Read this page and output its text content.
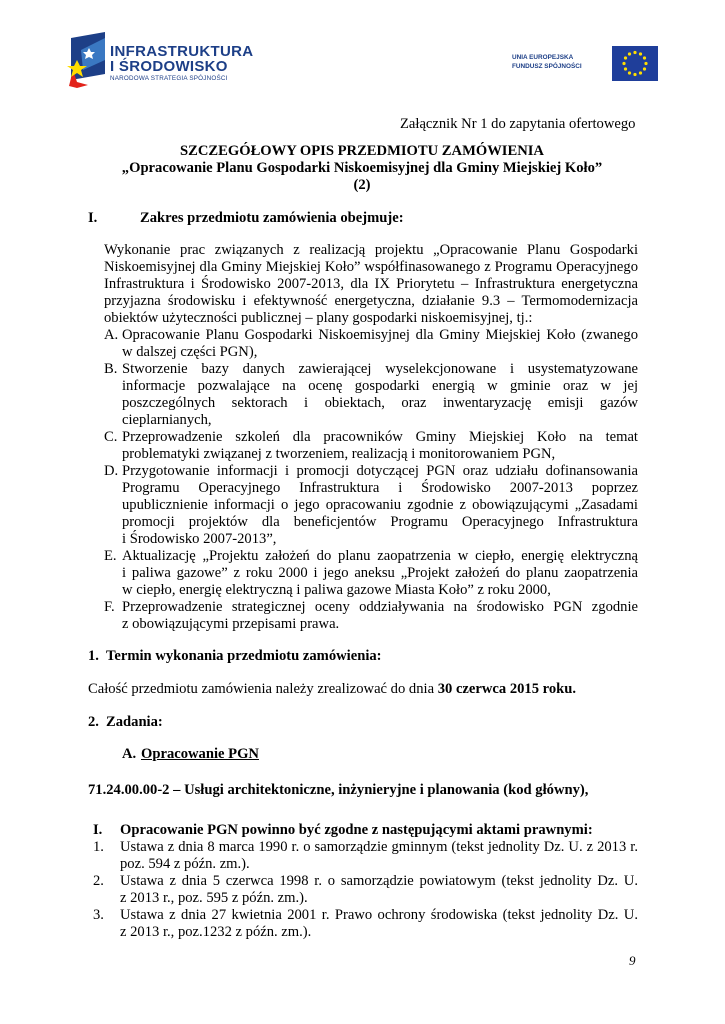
INFRASTRUKTURA
I ŚRODOWISKO
NARODOWA STRATEGIA SPÓJNOŚCI
UNIA EUROPEJSKA
FUNDUSZ SPÓJNOŚCI
Załącznik Nr 1 do zapytania ofertowego
SZCZEGÓŁOWY OPIS PRZEDMIOTU ZAMÓWIENIA
„Opracowanie Planu Gospodarki Niskoemisyjnej dla Gminy Miejskiej Koło”
(2)
I.	Zakres przedmiotu zamówienia obejmuje:
Wykonanie prac związanych z realizacją projektu „Opracowanie Planu Gospodarki
Niskoemisyjnej dla Gminy Miejskiej Koło” współfinasowanego z Programu Operacyjnego
Infrastruktura i Środowisko 2007-2013, dla IX Priorytetu – Infrastruktura energetyczna
przyjazna środowisku i efektywność energetyczna, działanie 9.3 – Termomodernizacja
obiektów użyteczności publicznej – plany gospodarki niskoemisyjnej, tj.:
A. Opracowanie Planu Gospodarki Niskoemisyjnej dla Gminy Miejskiej Koło (zwanego
w dalszej części PGN),
B. Stworzenie bazy danych zawierającej wyselekcjonowane i usystematyzowane
informacje pozwalające na ocenę gospodarki energią w gminie oraz w jej
poszczególnych sektorach i obiektach, oraz inwentaryzację emisji gazów
cieplarnianych,
C. Przeprowadzenie szkoleń dla pracowników Gminy Miejskiej Koło na temat
problematyki związanej z tworzeniem, realizacją i monitorowaniem PGN,
D. Przygotowanie informacji i promocji dotyczącej PGN oraz udziału dofinansowania
Programu Operacyjnego Infrastruktura i Środowisko 2007-2013 poprzez
upublicznienie informacji o jego opracowaniu zgodnie z obowiązującymi „Zasadami
promocji projektów dla beneficjentów Programu Operacyjnego Infrastruktura
i Środowisko 2007-2013”,
E. Aktualizację „Projektu założeń do planu zaopatrzenia w ciepło, energię elektryczną
i paliwa gazowe” z roku 2000 i jego aneksu „Projekt założeń do planu zaopatrzenia
w ciepło, energię elektryczną i paliwa gazowe Miasta Koło” z roku 2000,
F. Przeprowadzenie strategicznej oceny oddziaływania na środowisko PGN zgodnie
z obowiązującymi przepisami prawa.
1. Termin wykonania przedmiotu zamówienia:
Całość przedmiotu zamówienia należy zrealizować do dnia 30 czerwca 2015 roku.
2. Zadania:
A. Opracowanie PGN
71.24.00.00-2 – Usługi architektoniczne, inżynieryjne i planowania (kod główny),
I. Opracowanie PGN powinno być zgodne z następującymi aktami prawnymi:
1. Ustawa z dnia 8 marca 1990 r. o samorządzie gminnym (tekst jednolity Dz. U. z 2013 r.
poz. 594 z późn. zm.).
2. Ustawa z dnia 5 czerwca 1998 r. o samorządzie powiatowym (tekst jednolity Dz. U.
z 2013 r., poz. 595 z późn. zm.).
3. Ustawa z dnia 27 kwietnia 2001 r. Prawo ochrony środowiska (tekst jednolity Dz. U.
z 2013 r., poz.1232 z późn. zm.).
9
